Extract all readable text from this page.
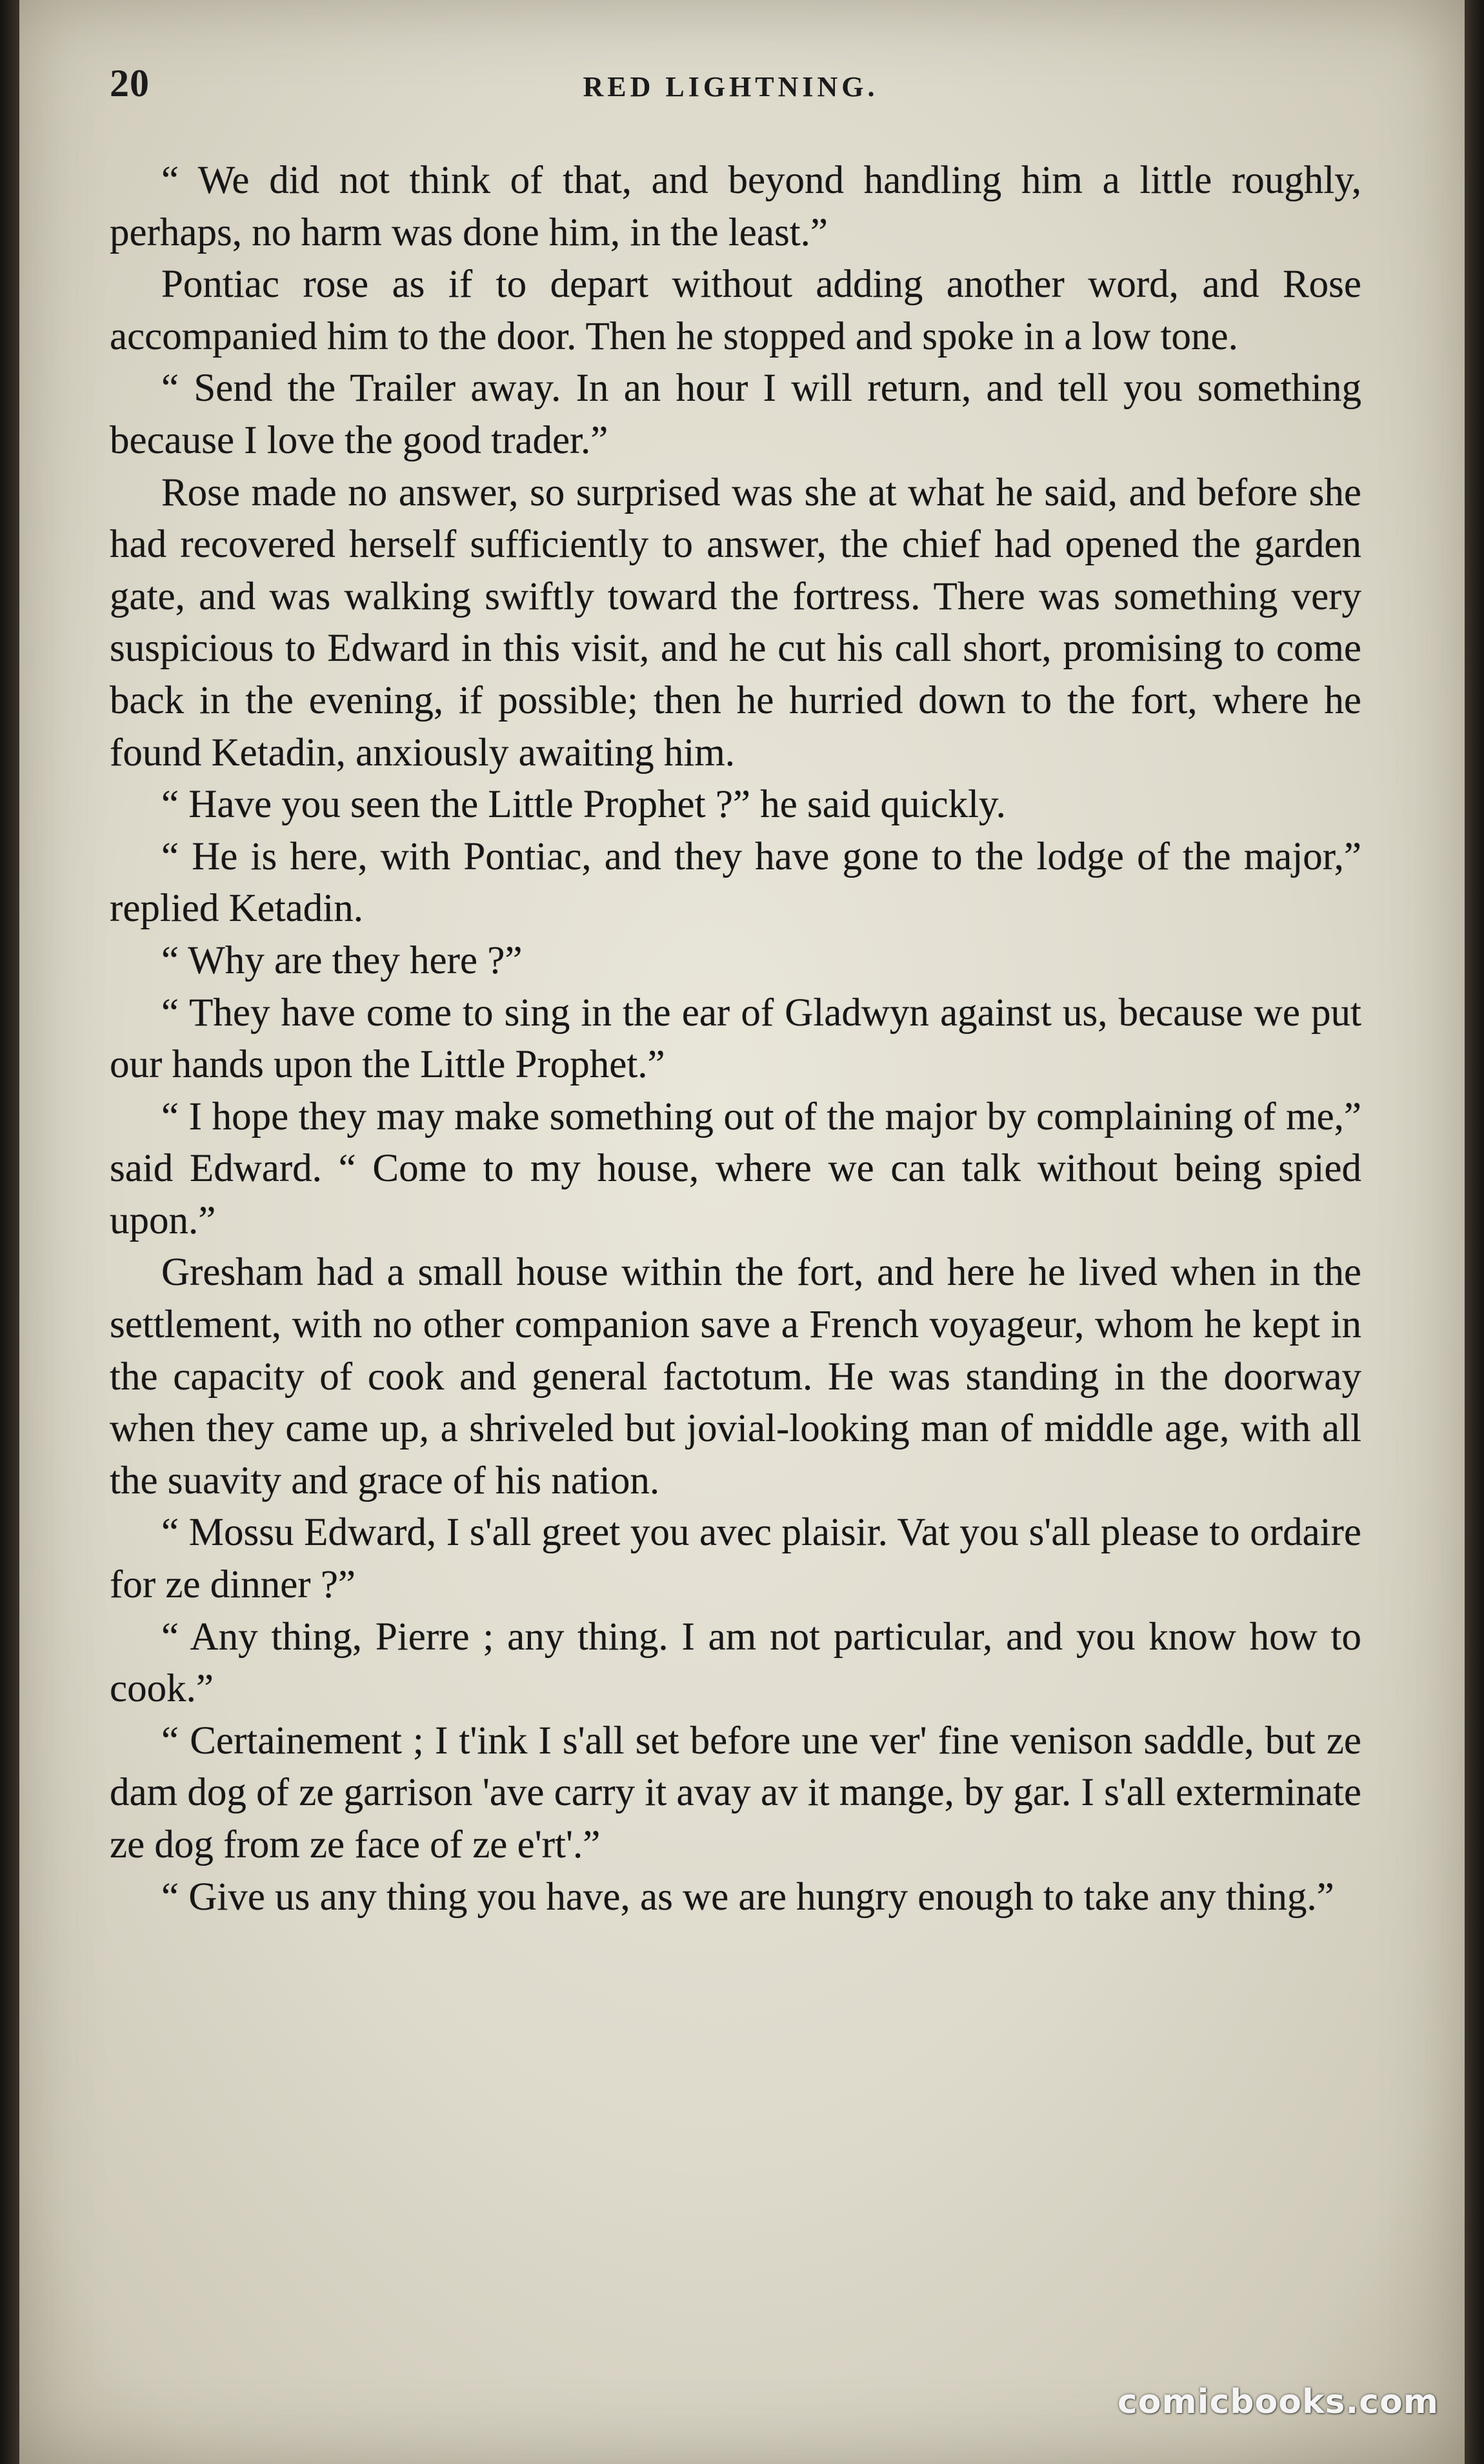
20	RED LIGHTNING.

“ We did not think of that, and beyond handling him a little roughly, perhaps, no harm was done him, in the least.”

Pontiac rose as if to depart without adding another word, and Rose accompanied him to the door. Then he stopped and spoke in a low tone.

“ Send the Trailer away. In an hour I will return, and tell you something because I love the good trader.”

Rose made no answer, so surprised was she at what he said, and before she had recovered herself sufficiently to answer, the chief had opened the garden gate, and was walking swiftly toward the fortress. There was something very suspicious to Edward in this visit, and he cut his call short, promising to come back in the evening, if possible; then he hurried down to the fort, where he found Ketadin, anxiously awaiting him.

“ Have you seen the Little Prophet ?” he said quickly.

“ He is here, with Pontiac, and they have gone to the lodge of the major,” replied Ketadin.

“ Why are they here ?”

“ They have come to sing in the ear of Gladwyn against us, because we put our hands upon the Little Prophet.”

“ I hope they may make something out of the major by complaining of me,” said Edward. “ Come to my house, where we can talk without being spied upon.”

Gresham had a small house within the fort, and here he lived when in the settlement, with no other companion save a French voyageur, whom he kept in the capacity of cook and general factotum. He was standing in the doorway when they came up, a shriveled but jovial-looking man of middle age, with all the suavity and grace of his nation.

“ Mossu Edward, I s'all greet you avec plaisir. Vat you s'all please to ordaire for ze dinner ?”

“ Any thing, Pierre ; any thing. I am not particular, and you know how to cook.”

“ Certainement ; I t'ink I s'all set before une ver' fine venison saddle, but ze dam dog of ze garrison 'ave carry it avay av it mange, by gar. I s'all exterminate ze dog from ze face of ze e'rt'.”

“ Give us any thing you have, as we are hungry enough to take any thing.”

comicbooks.com
